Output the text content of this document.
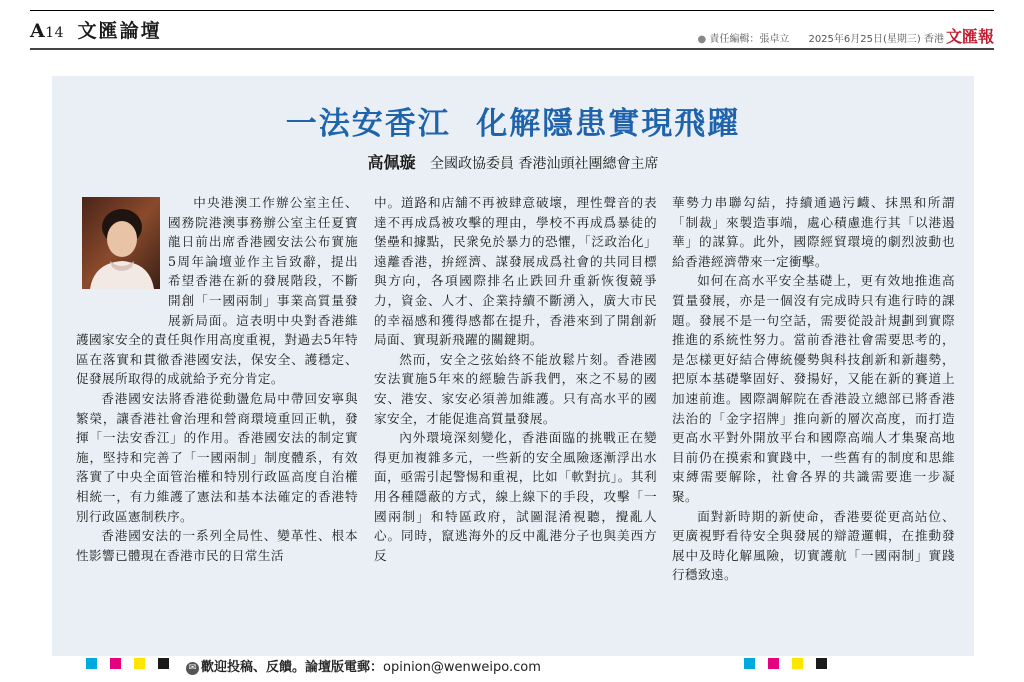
A14 文匯論壇	● 責任編輯：張卓立 2025年6月25日(星期三) 香港 文匯報
一法安香江  化解隱患實現飛躍
高佩璇 全國政協委員 香港汕頭社團總會主席

中央港澳工作辦公室主任、國務院港澳事務辦公室主任夏寶龍日前出席香港國安法公布實施5周年論壇並作主旨致辭，提出希望香港在新的發展階段，不斷開創「一國兩制」事業高質量發展新局面。這表明中央對香港維護國家安全的責任與作用高度重視，對過去5年特區在落實和貫徹香港國安法，保安全、護穩定、促發展所取得的成就給予充分肯定。

香港國安法將香港從動盪危局中帶回安寧與繁榮，讓香港社會治理和營商環境重回正軌，發揮「一法安香江」的作用。香港國安法的制定實施，堅持和完善了「一國兩制」制度體系，有效落實了中央全面管治權和特別行政區高度自治權相統一，有力維護了憲法和基本法確定的香港特別行政區憲制秩序。

香港國安法的一系列全局性、變革性、根本性影響已體現在香港市民的日常生活

中。道路和店舖不再被肆意破壞，理性聲音的表達不再成爲被攻擊的理由，學校不再成爲暴徒的堡壘和據點，民衆免於暴力的恐懼，「泛政治化」遠離香港，拚經濟、謀發展成爲社會的共同目標與方向，各項國際排名止跌回升重新恢復競爭力，資金、人才、企業持續不斷湧入，廣大市民的幸福感和獲得感都在提升，香港來到了開創新局面、實現新飛躍的關鍵期。

然而，安全之弦始終不能放鬆片刻。香港國安法實施5年來的經驗告訴我們，來之不易的國安、港安、家安必須善加維護。只有高水平的國家安全，才能促進高質量發展。

內外環境深刻變化，香港面臨的挑戰正在變得更加複雜多元，一些新的安全風險逐漸浮出水面，亟需引起警惕和重視，比如「軟對抗」。其利用各種隱蔽的方式，線上線下的手段，攻擊「一國兩制」和特區政府，試圖混淆視聽，攪亂人心。同時，竄逃海外的反中亂港分子也與美西方反

華勢力串聯勾結，持續通過污衊、抹黑和所謂「制裁」來製造事端，處心積慮進行其「以港遏華」的謀算。此外，國際經貿環境的劇烈波動也給香港經濟帶來一定衝擊。

如何在高水平安全基礎上，更有效地推進高質量發展，亦是一個沒有完成時只有進行時的課題。發展不是一句空話，需要從設計規劃到實際推進的系統性努力。當前香港社會需要思考的，是怎樣更好結合傳統優勢與科技創新和新趨勢，把原本基礎擎固好、發揚好，又能在新的賽道上加速前進。國際調解院在香港設立總部已將香港法治的「金字招牌」推向新的層次高度，而打造更高水平對外開放平台和國際高端人才集聚高地目前仍在摸索和實踐中，一些舊有的制度和思維束縛需要解除，社會各界的共識需要進一步凝聚。

面對新時期的新使命，香港要從更高站位、更廣視野看待安全與發展的辯證邏輯，在推動發展中及時化解風險，切實護航「一國兩制」實踐行穩致遠。

✉ 歡迎投稿、反饋。論壇版電郵：opinion@wenweipo.com
